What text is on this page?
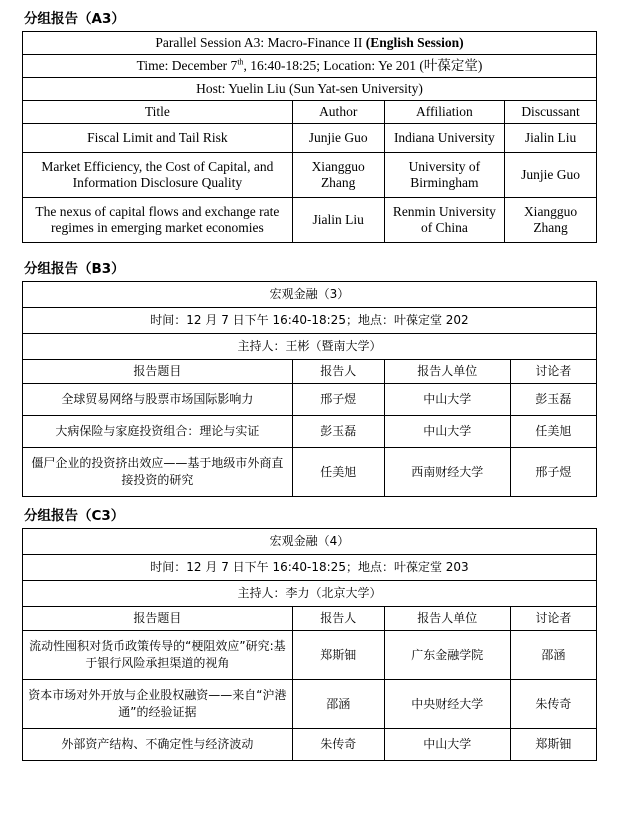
分组报告（A3）
Parallel Session A3: Macro-Finance II (English Session)			
Time: December 7th, 16:40-18:25; Location: Ye 201 (叶葆定堂)			
Host: Yuelin Liu (Sun Yat-sen University)			
Title	Author	Affiliation	Discussant
Fiscal Limit and Tail Risk	Junjie Guo	Indiana University	Jialin Liu
Market Efficiency, the Cost of Capital, and Information Disclosure Quality	Xiangguo Zhang	University of Birmingham	Junjie Guo
The nexus of capital flows and exchange rate regimes in emerging market economies	Jialin Liu	Renmin University of China	Xiangguo Zhang
分组报告（B3）
宏观金融（3）			
时间：12 月 7 日下午 16:40-18:25；地点：叶葆定堂 202			
主持人：王彬（暨南大学）			
报告题目	报告人	报告人单位	讨论者
全球贸易网络与股票市场国际影响力	邢子煜	中山大学	彭玉磊
大病保险与家庭投资组合：理论与实证	彭玉磊	中山大学	任美旭
僵尸企业的投资挤出效应——基于地级市外商直接投资的研究	任美旭	西南财经大学	邢子煜
分组报告（C3）
宏观金融（4）			
时间：12 月 7 日下午 16:40-18:25；地点：叶葆定堂 203			
主持人：李力（北京大学）			
报告题目	报告人	报告人单位	讨论者
流动性囤积对货币政策传导的“梗阻效应”研究:基于银行风险承担渠道的视角	郑斯钿	广东金融学院	邵涵
资本市场对外开放与企业股权融资——来自“沪港通”的经验证据	邵涵	中央财经大学	朱传奇
外部资产结构、不确定性与经济波动	朱传奇	中山大学	郑斯钿
